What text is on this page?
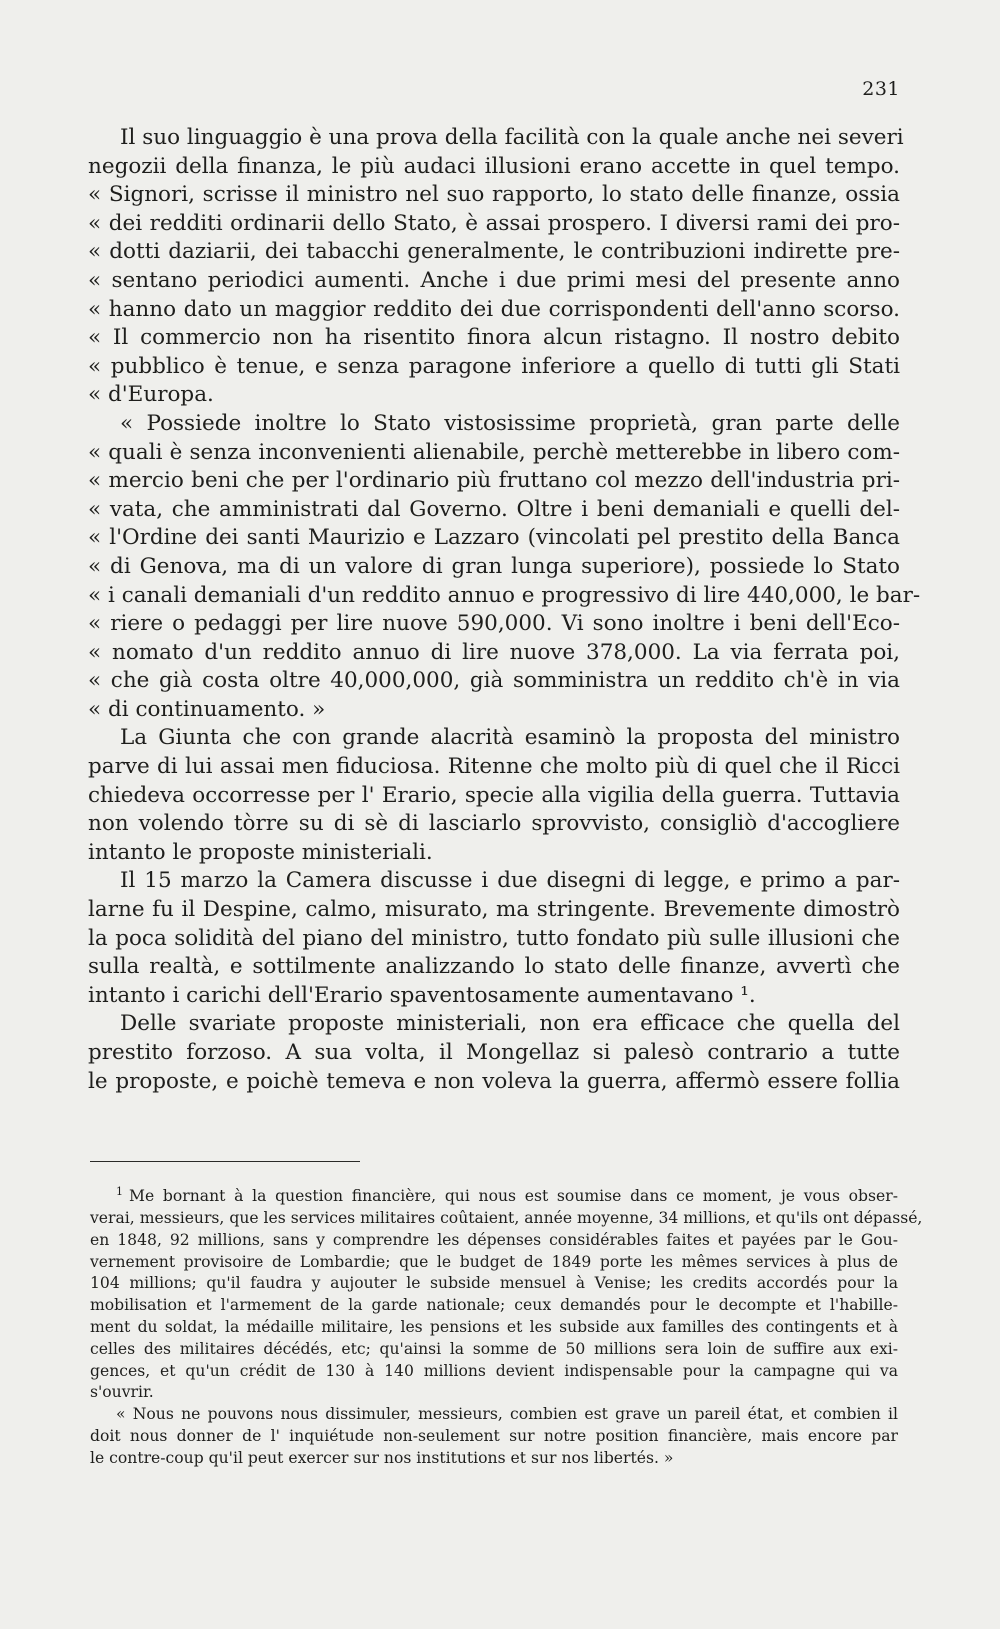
231
Il suo linguaggio è una prova della facilità con la quale anche nei severi
negozii della finanza, le più audaci illusioni erano accette in quel tempo.
« Signori, scrisse il ministro nel suo rapporto, lo stato delle finanze, ossia
« dei redditi ordinarii dello Stato, è assai prospero. I diversi rami dei pro-
« dotti daziarii, dei tabacchi generalmente, le contribuzioni indirette pre-
« sentano periodici aumenti. Anche i due primi mesi del presente anno
« hanno dato un maggior reddito dei due corrispondenti dell'anno scorso.
« Il commercio non ha risentito finora alcun ristagno. Il nostro debito
« pubblico è tenue, e senza paragone inferiore a quello di tutti gli Stati
« d'Europa.
« Possiede inoltre lo Stato vistosissime proprietà, gran parte delle
« quali è senza inconvenienti alienabile, perchè metterebbe in libero com-
« mercio beni che per l'ordinario più fruttano col mezzo dell'industria pri-
« vata, che amministrati dal Governo. Oltre i beni demaniali e quelli del-
« l'Ordine dei santi Maurizio e Lazzaro (vincolati pel prestito della Banca
« di Genova, ma di un valore di gran lunga superiore), possiede lo Stato
« i canali demaniali d'un reddito annuo e progressivo di lire 440,000, le bar-
« riere o pedaggi per lire nuove 590,000. Vi sono inoltre i beni dell'Eco-
« nomato d'un reddito annuo di lire nuove 378,000. La via ferrata poi,
« che già costa oltre 40,000,000, già somministra un reddito ch'è in via
« di continuamento. »
La Giunta che con grande alacrità esaminò la proposta del ministro
parve di lui assai men fiduciosa. Ritenne che molto più di quel che il Ricci
chiedeva occorresse per l' Erario, specie alla vigilia della guerra. Tuttavia
non volendo tòrre su di sè di lasciarlo sprovvisto, consigliò d'accogliere
intanto le proposte ministeriali.
Il 15 marzo la Camera discusse i due disegni di legge, e primo a par-
larne fu il Despine, calmo, misurato, ma stringente. Brevemente dimostrò
la poca solidità del piano del ministro, tutto fondato più sulle illusioni che
sulla realtà, e sottilmente analizzando lo stato delle finanze, avvertì che
intanto i carichi dell'Erario spaventosamente aumentavano ¹.
Delle svariate proposte ministeriali, non era efficace che quella del
prestito forzoso. A sua volta, il Mongellaz si palesò contrario a tutte
le proposte, e poichè temeva e non voleva la guerra, affermò essere follia
$^1$ Me bornant à la question financière, qui nous est soumise dans ce moment, je vous obser-
verai, messieurs, que les services militaires coûtaient, année moyenne, 34 millions, et qu'ils ont dépassé,
en 1848, 92 millions, sans y comprendre les dépenses considérables faites et payées par le Gou-
vernement provisoire de Lombardie; que le budget de 1849 porte les mêmes services à plus de
104 millions; qu'il faudra y aujouter le subside mensuel à Venise; les credits accordés pour la
mobilisation et l'armement de la garde nationale; ceux demandés pour le decompte et l'habille-
ment du soldat, la médaille militaire, les pensions et les subside aux familles des contingents et à
celles des militaires décédés, etc; qu'ainsi la somme de 50 millions sera loin de suffire aux exi-
gences, et qu'un crédit de 130 à 140 millions devient indispensable pour la campagne qui va
s'ouvrir.
« Nous ne pouvons nous dissimuler, messieurs, combien est grave un pareil état, et combien il
doit nous donner de l' inquiétude non-seulement sur notre position financière, mais encore par
le contre-coup qu'il peut exercer sur nos institutions et sur nos libertés. »
